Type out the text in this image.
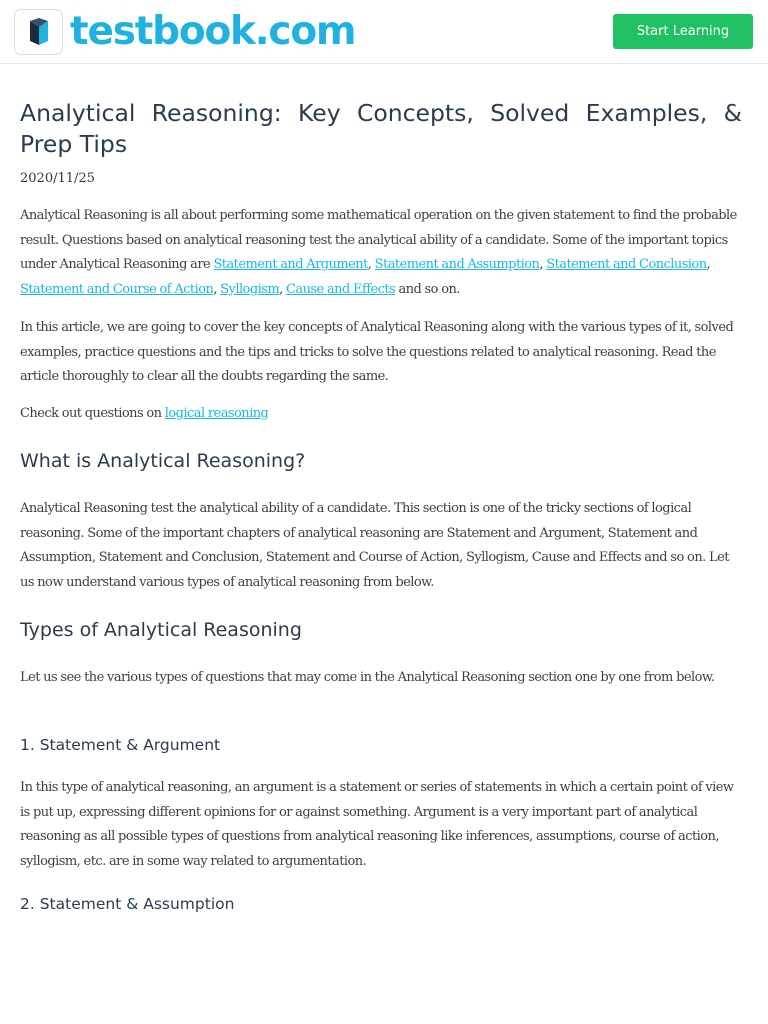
testbook.com	Start Learning
Analytical Reasoning: Key Concepts, Solved Examples, & Prep Tips
2020/11/25

Analytical Reasoning is all about performing some mathematical operation on the given statement to find the probable result. Questions based on analytical reasoning test the analytical ability of a candidate. Some of the important topics under Analytical Reasoning are Statement and Argument, Statement and Assumption, Statement and Conclusion, Statement and Course of Action, Syllogism, Cause and Effects and so on.

In this article, we are going to cover the key concepts of Analytical Reasoning along with the various types of it, solved examples, practice questions and the tips and tricks to solve the questions related to analytical reasoning. Read the article thoroughly to clear all the doubts regarding the same.

Check out questions on logical reasoning

What is Analytical Reasoning?

Analytical Reasoning test the analytical ability of a candidate. This section is one of the tricky sections of logical reasoning. Some of the important chapters of analytical reasoning are Statement and Argument, Statement and Assumption, Statement and Conclusion, Statement and Course of Action, Syllogism, Cause and Effects and so on. Let us now understand various types of analytical reasoning from below.

Types of Analytical Reasoning

Let us see the various types of questions that may come in the Analytical Reasoning section one by one from below.

1. Statement & Argument

In this type of analytical reasoning, an argument is a statement or series of statements in which a certain point of view is put up, expressing different opinions for or against something. Argument is a very important part of analytical reasoning as all possible types of questions from analytical reasoning like inferences, assumptions, course of action, syllogism, etc. are in some way related to argumentation.

2. Statement & Assumption
